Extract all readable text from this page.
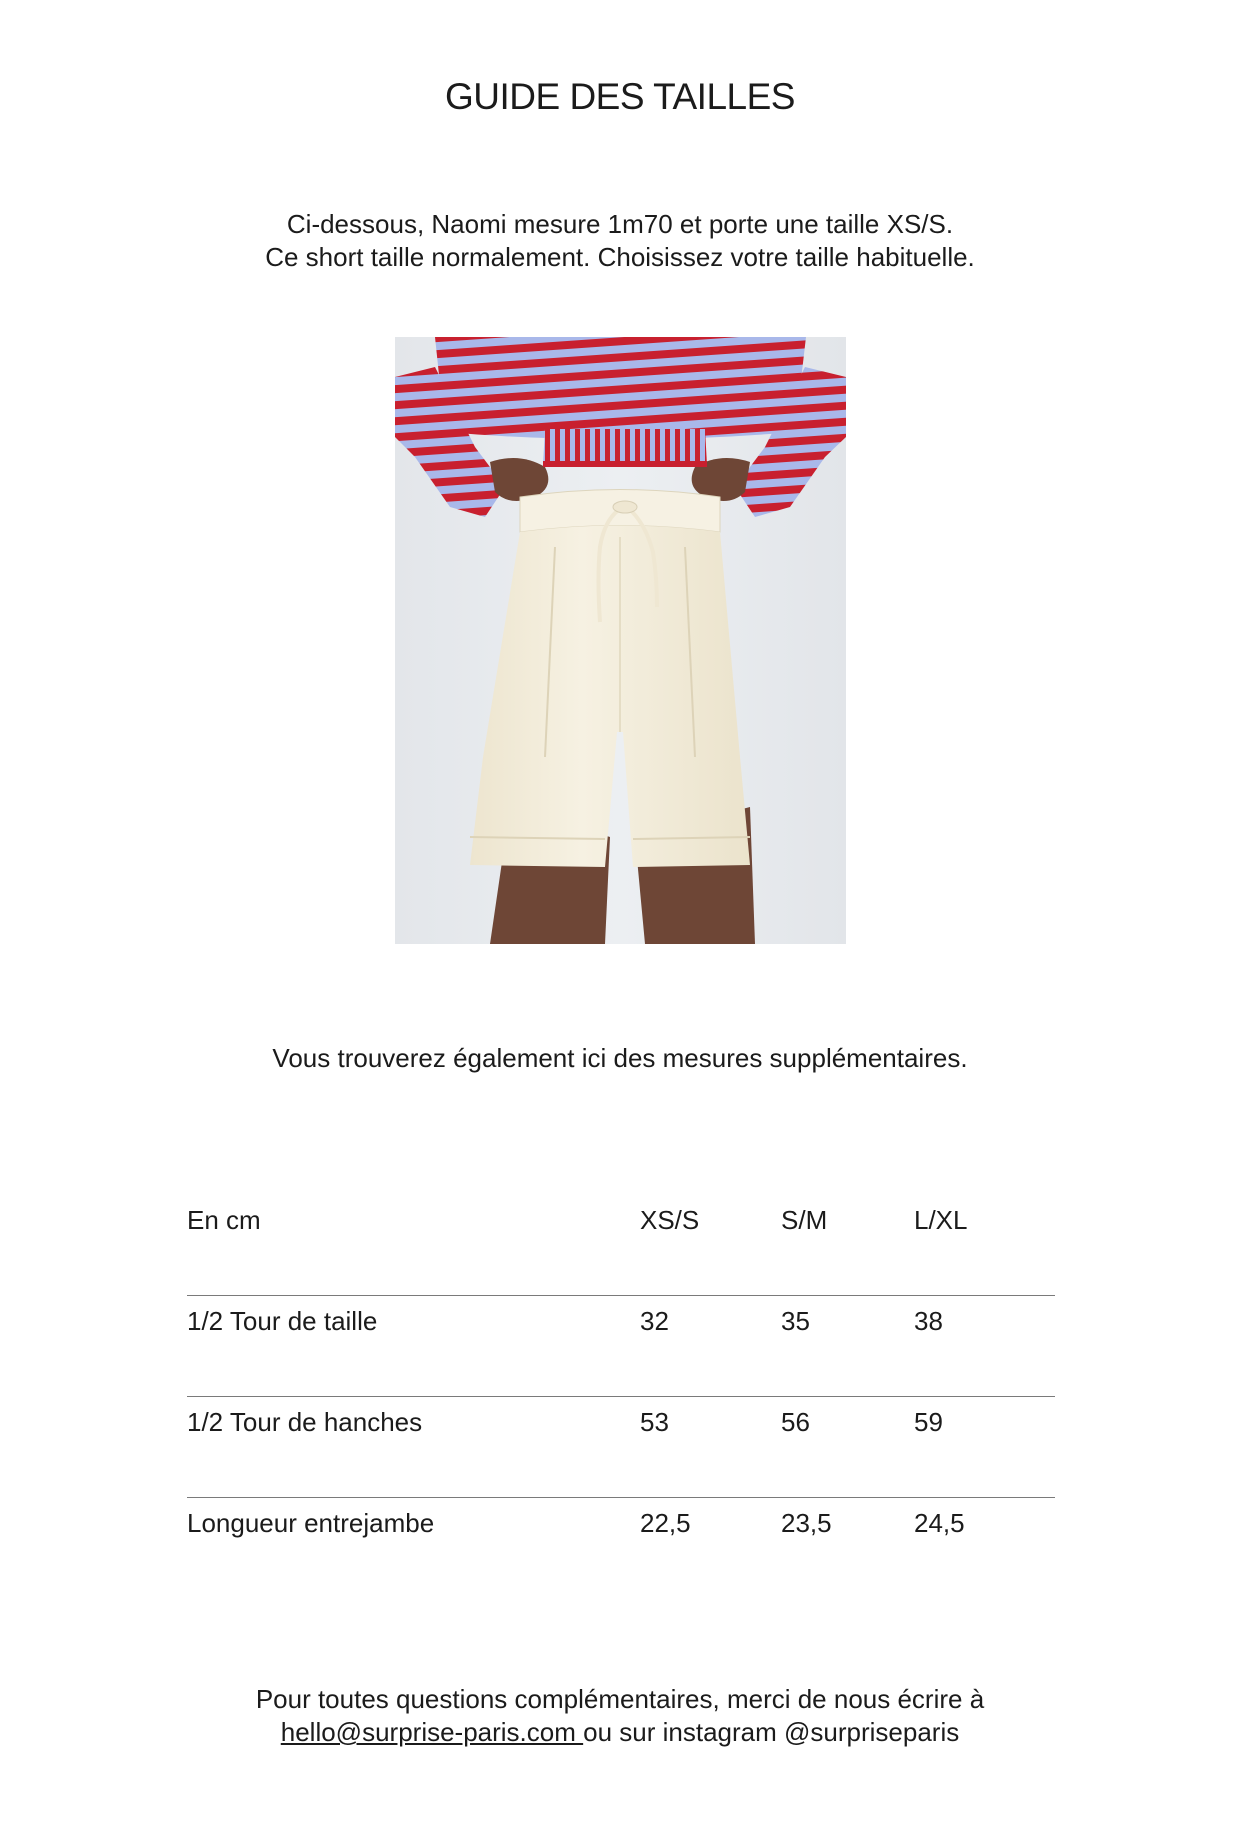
GUIDE DES TAILLES
Ci-dessous, Naomi mesure 1m70 et porte une taille XS/S.
Ce short taille normalement. Choisissez votre taille habituelle.
Vous trouverez également ici des mesures supplémentaires.
En cm	XS/S	S/M	L/XL
1/2 Tour de taille	32	35	38
1/2 Tour de hanches	53	56	59
Longueur entrejambe	22,5	23,5	24,5
Pour toutes questions complémentaires, merci de nous écrire à
hello@surprise-paris.com ou sur instagram @surpriseparis
